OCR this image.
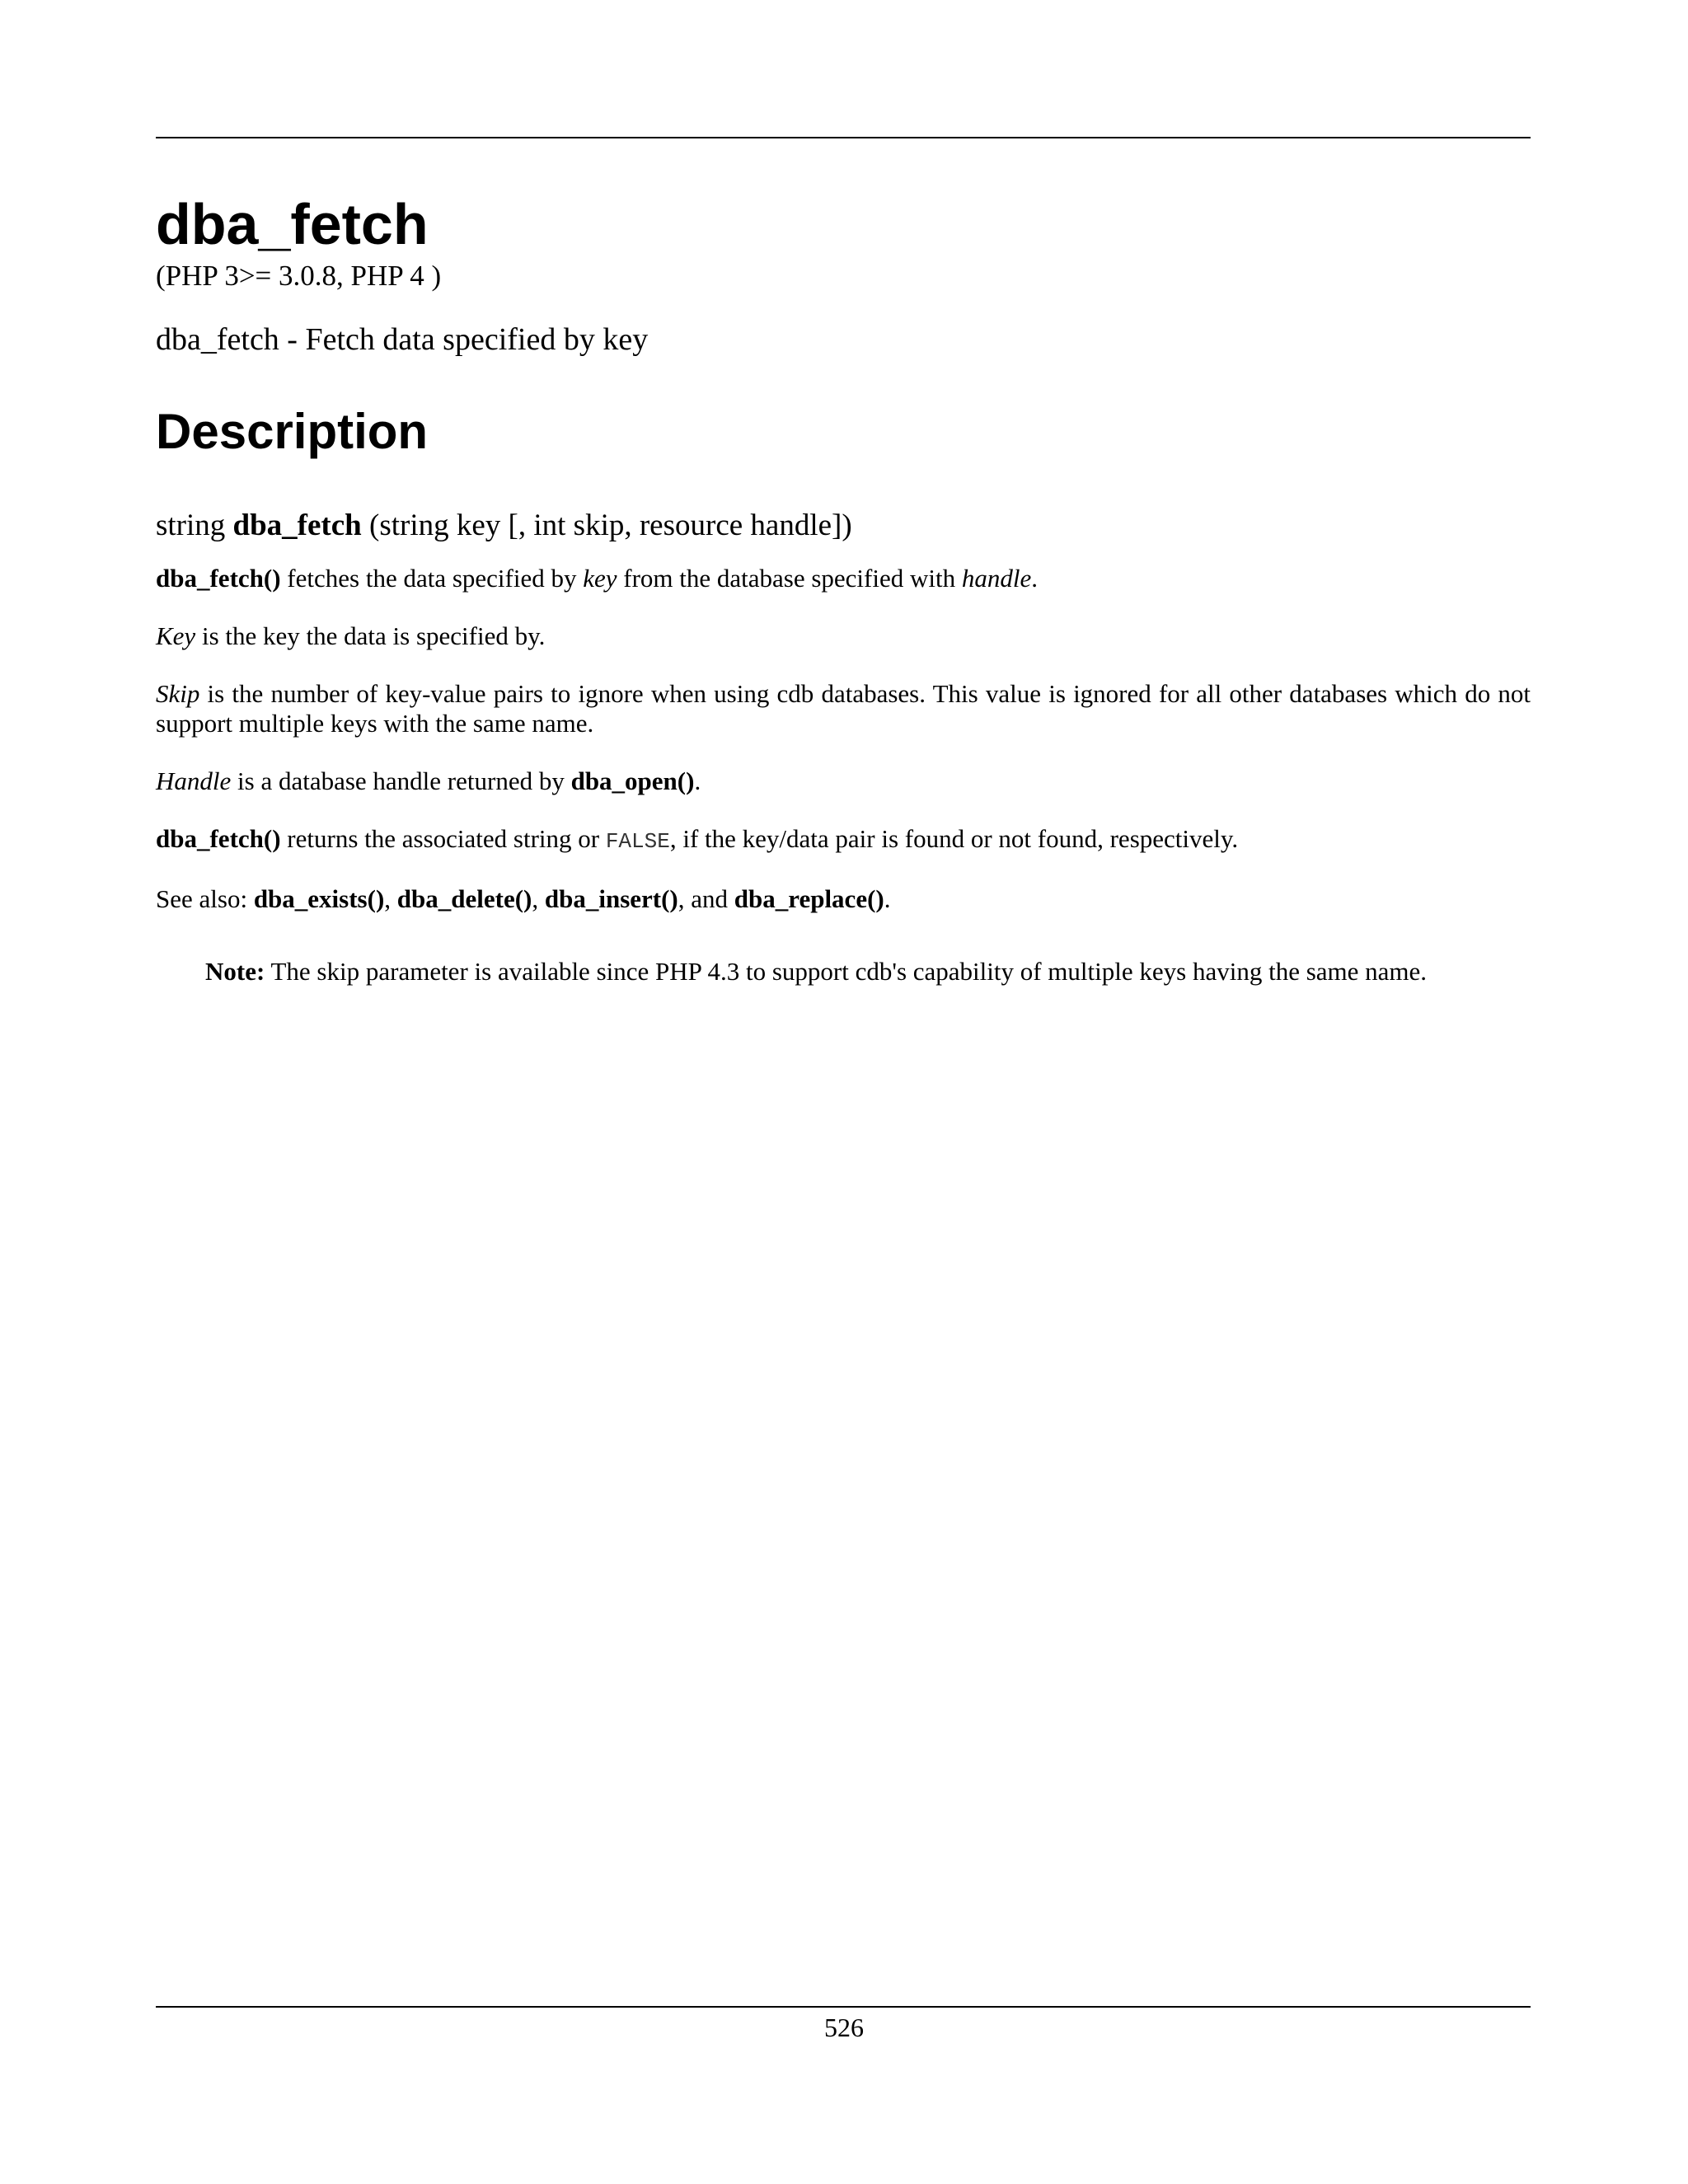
dba_fetch

(PHP 3>= 3.0.8, PHP 4 )

dba_fetch - Fetch data specified by key

Description

string dba_fetch (string key [, int skip, resource handle])

dba_fetch() fetches the data specified by key from the database specified with handle.

Key is the key the data is specified by.

Skip is the number of key-value pairs to ignore when using cdb databases. This value is ignored for all other databases which do not support multiple keys with the same name.

Handle is a database handle returned by dba_open().

dba_fetch() returns the associated string or FALSE, if the key/data pair is found or not found, respectively.

See also: dba_exists(), dba_delete(), dba_insert(), and dba_replace().

Note: The skip parameter is available since PHP 4.3 to support cdb's capability of multiple keys having the same name.
526
